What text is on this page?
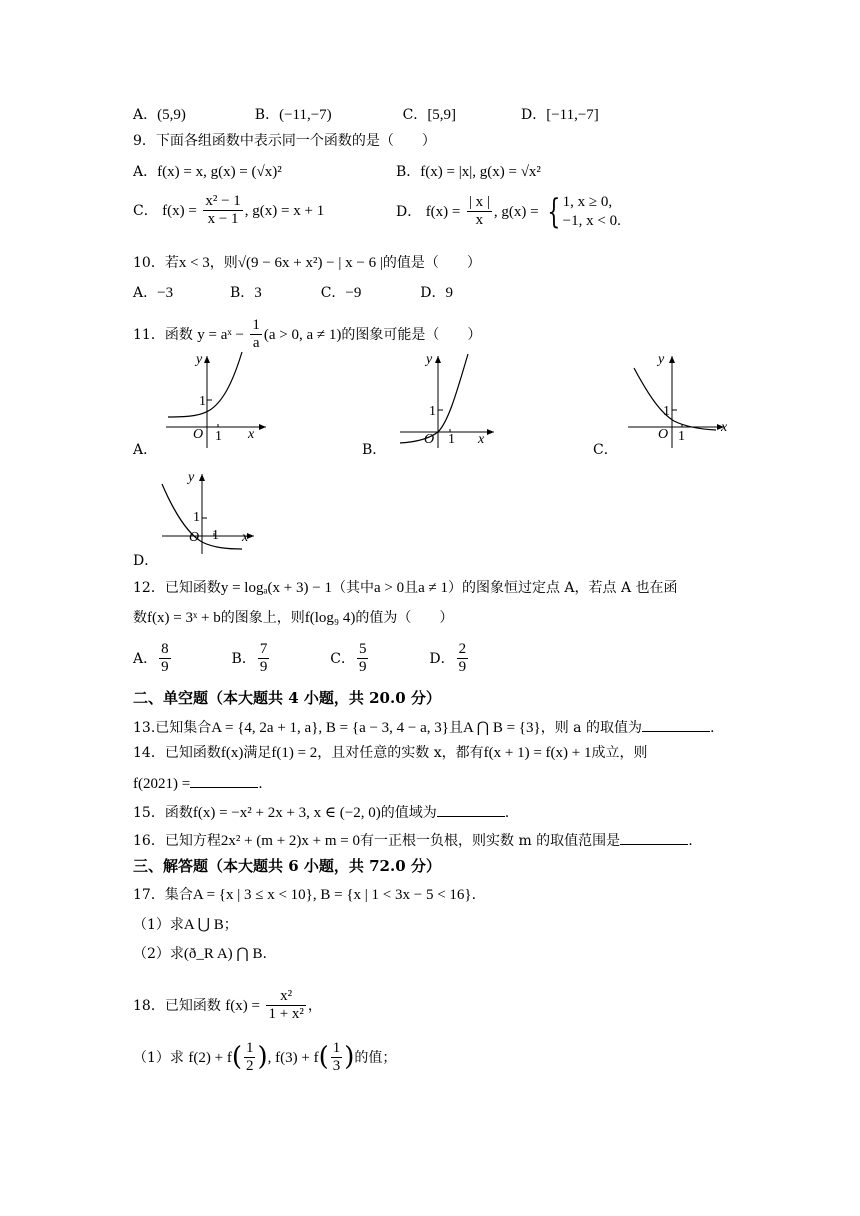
A．(5,9)	B．(−11,−7)	C．[5,9]	D．[−11,−7]
9．下面各组函数中表示同一个函数的是（　　）
A．f(x) = x, g(x) = (√x)²	B．f(x) = |x|, g(x) = √x²
C． $f(x) = \frac{\text{x² − 1}}{x - 1}$ , g(x) = x + 1	D． $f(x) = \frac{| x |}{x}$ , g(x) = { 1, x ≥ 0,
−1, x < 0.
10．若x < 3，则√(9 − 6x + x²) − | x − 6 |的值是（　　）
A．−3	B．3	C．−9	D．9
11．函数 y = aˣ − $\frac{1}{a} (a > 0$, a ≠ 1)的图象可能是（　　）
A．
y
1
O 1 x
B．
y
1
O 1 x
C．
y
1
O 1
x
D．
y
1
O 1 x
12．已知函数y = logₐ(x + 3) − 1（其中a > 0且a ≠ 1）的图象恒过定点 A，若点 A 也在函
数f(x) = 3ˣ + b的图象上，则f(log₉ 4)的值为（　　）
A． $\frac{8}{9}$	B． $\frac{7}{9}$	C． $\frac{5}{9}$	D． $\frac{2}{9}$
二、单空题（本大题共 4 小题，共 20.0 分）
13.已知集合A = {4, 2a + 1, a}, B = {a − 3, 4 − a, 3}且A ⋂ B = {3}，则 a 的取值为	.
14．已知函数f(x)满足f(1) = 2，且对任意的实数 x，都有f(x + 1) = f(x) + 1成立，则
f(2021) =	.
15．函数f(x) = −x² + 2x + 3, x ∈ (−2, 0)的值域为	.
16．已知方程2x² + (m + 2)x + m = 0有一正根一负根，则实数 m 的取值范围是	.
三、解答题（本大题共 6 小题，共 72.0 分）
17．集合A = {x | 3 ≤ x < 10}, B = {x | 1 < 3x − 5 < 16}.
（1）求A ⋃ B；
（2）求(ð_R A) ⋂ B.
18．已知函数 $f(x) = \frac{\text{x²}}{\text{1 + x²}}$ ，
（1）求 $f(2) + f( \frac{1}{2}$ ), $f(3) + f( \frac{1}{3}$ )的值；
